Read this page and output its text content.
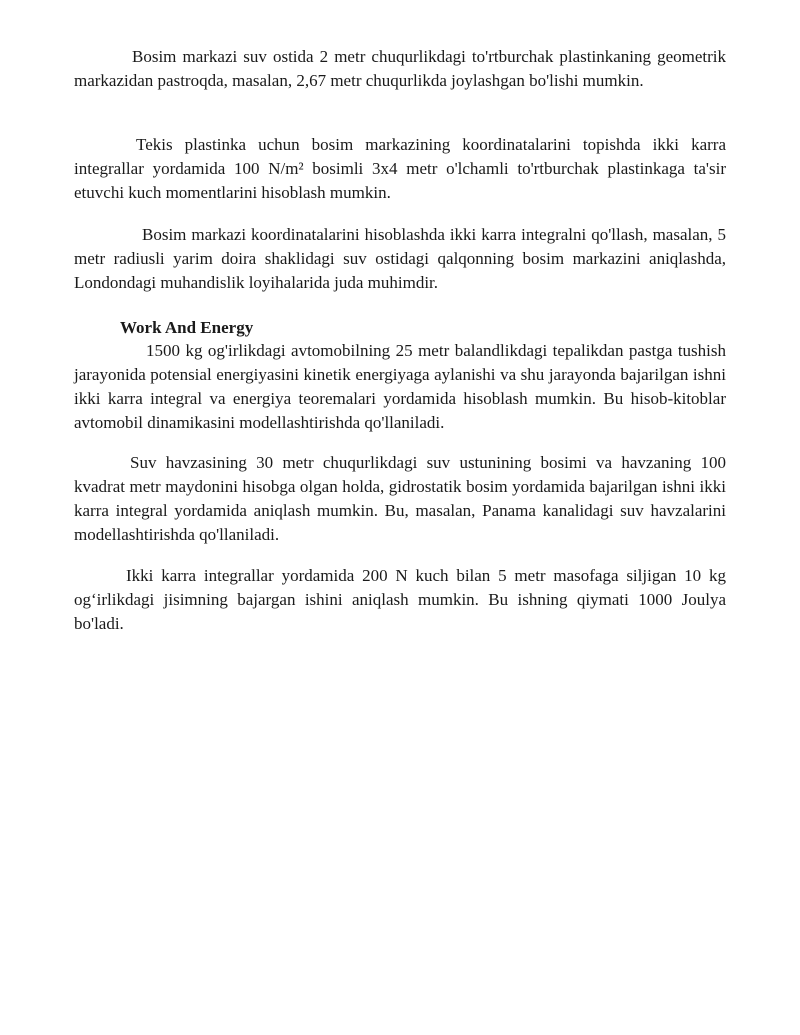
Bosim markazi suv ostida 2 metr chuqurlikdagi to'rtburchak plastinkaning geometrik markazidan pastroqda, masalan, 2,67 metr chuqurlikda joylashgan bo'lishi mumkin.

Tekis plastinka uchun bosim markazining koordinatalarini topishda ikki karra integrallar yordamida 100 N/m² bosimli 3x4 metr o'lchamli to'rtburchak plastinkaga ta'sir etuvchi kuch momentlarini hisoblash mumkin.

Bosim markazi koordinatalarini hisoblashda ikki karra integralni qo'llash, masalan, 5 metr radiusli yarim doira shaklidagi suv ostidagi qalqonning bosim markazini aniqlashda, Londondagi muhandislik loyihalarida juda muhimdir.

Work And Energy

1500 kg og'irlikdagi avtomobilning 25 metr balandlikdagi tepalikdan pastga tushish jarayonida potensial energiyasini kinetik energiyaga aylanishi va shu jarayonda bajarilgan ishni ikki karra integral va energiya teoremalari yordamida hisoblash mumkin. Bu hisob-kitoblar avtomobil dinamikasini modellashtirishda qo'llaniladi.

Suv havzasining 30 metr chuqurlikdagi suv ustunining bosimi va havzaning 100 kvadrat metr maydonini hisobga olgan holda, gidrostatik bosim yordamida bajarilgan ishni ikki karra integral yordamida aniqlash mumkin. Bu, masalan, Panama kanalidagi suv havzalarini modellashtirishda qo'llaniladi.

Ikki karra integrallar yordamida 200 N kuch bilan 5 metr masofaga siljigan 10 kg og‘irlikdagi jisimning bajargan ishini aniqlash mumkin. Bu ishning qiymati 1000 Joulya bo'ladi.
